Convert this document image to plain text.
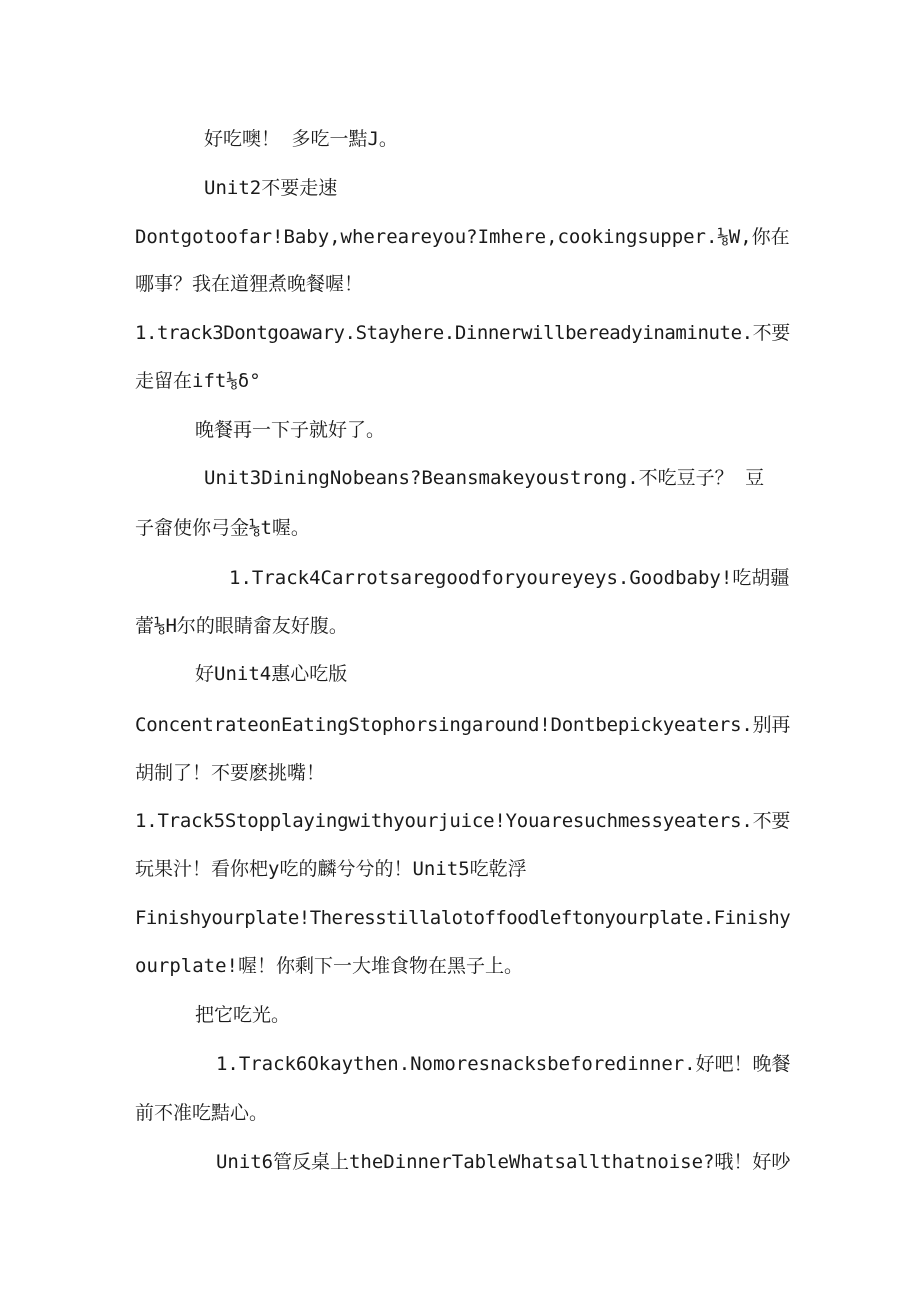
好吃噢！ 多吃一黠J。
Unit2不要走速
Dontgotoofar!Baby,whereareyou?Imhere,cookingsupper.⅛W,你在
哪事？我在道狸煮晚餐喔！
1.track3Dontgoawary.Stayhere.Dinnerwillbereadyinaminute.不要
走留在ift⅛δ°
晚餐再一下子就好了。
Unit3DiningNobeans?Beansmakeyoustrong.不吃豆子？ 豆
子畲使你弓金⅛t喔。
1.Track4Carrotsaregoodforyoureyeys.Goodbaby!吃胡疆
蕾⅛H尔的眼睛畲友好腹。
好Unit4惠心吃版
ConcentrateonEatingStophorsingaround!Dontbepickyeaters.别再
胡制了！不要麽挑嘴！
1.Track5Stopplayingwithyourjuice!Youaresuchmessyeaters.不要
玩果汁！看你杷y吃的麟兮兮的！Unit5吃乾浮
Finishyourplate!Theresstillalotoffoodleftonyourplate.Finishy
ourplate!喔！你剩下一大堆食物在黑子上。
把它吃光。
1.Track6Okaythen.Nomoresnacksbeforedinner.好吧！晚餐
前不准吃黠心。
Unit6管反桌上theDinnerTableWhatsallthatnoise?哦！好吵
